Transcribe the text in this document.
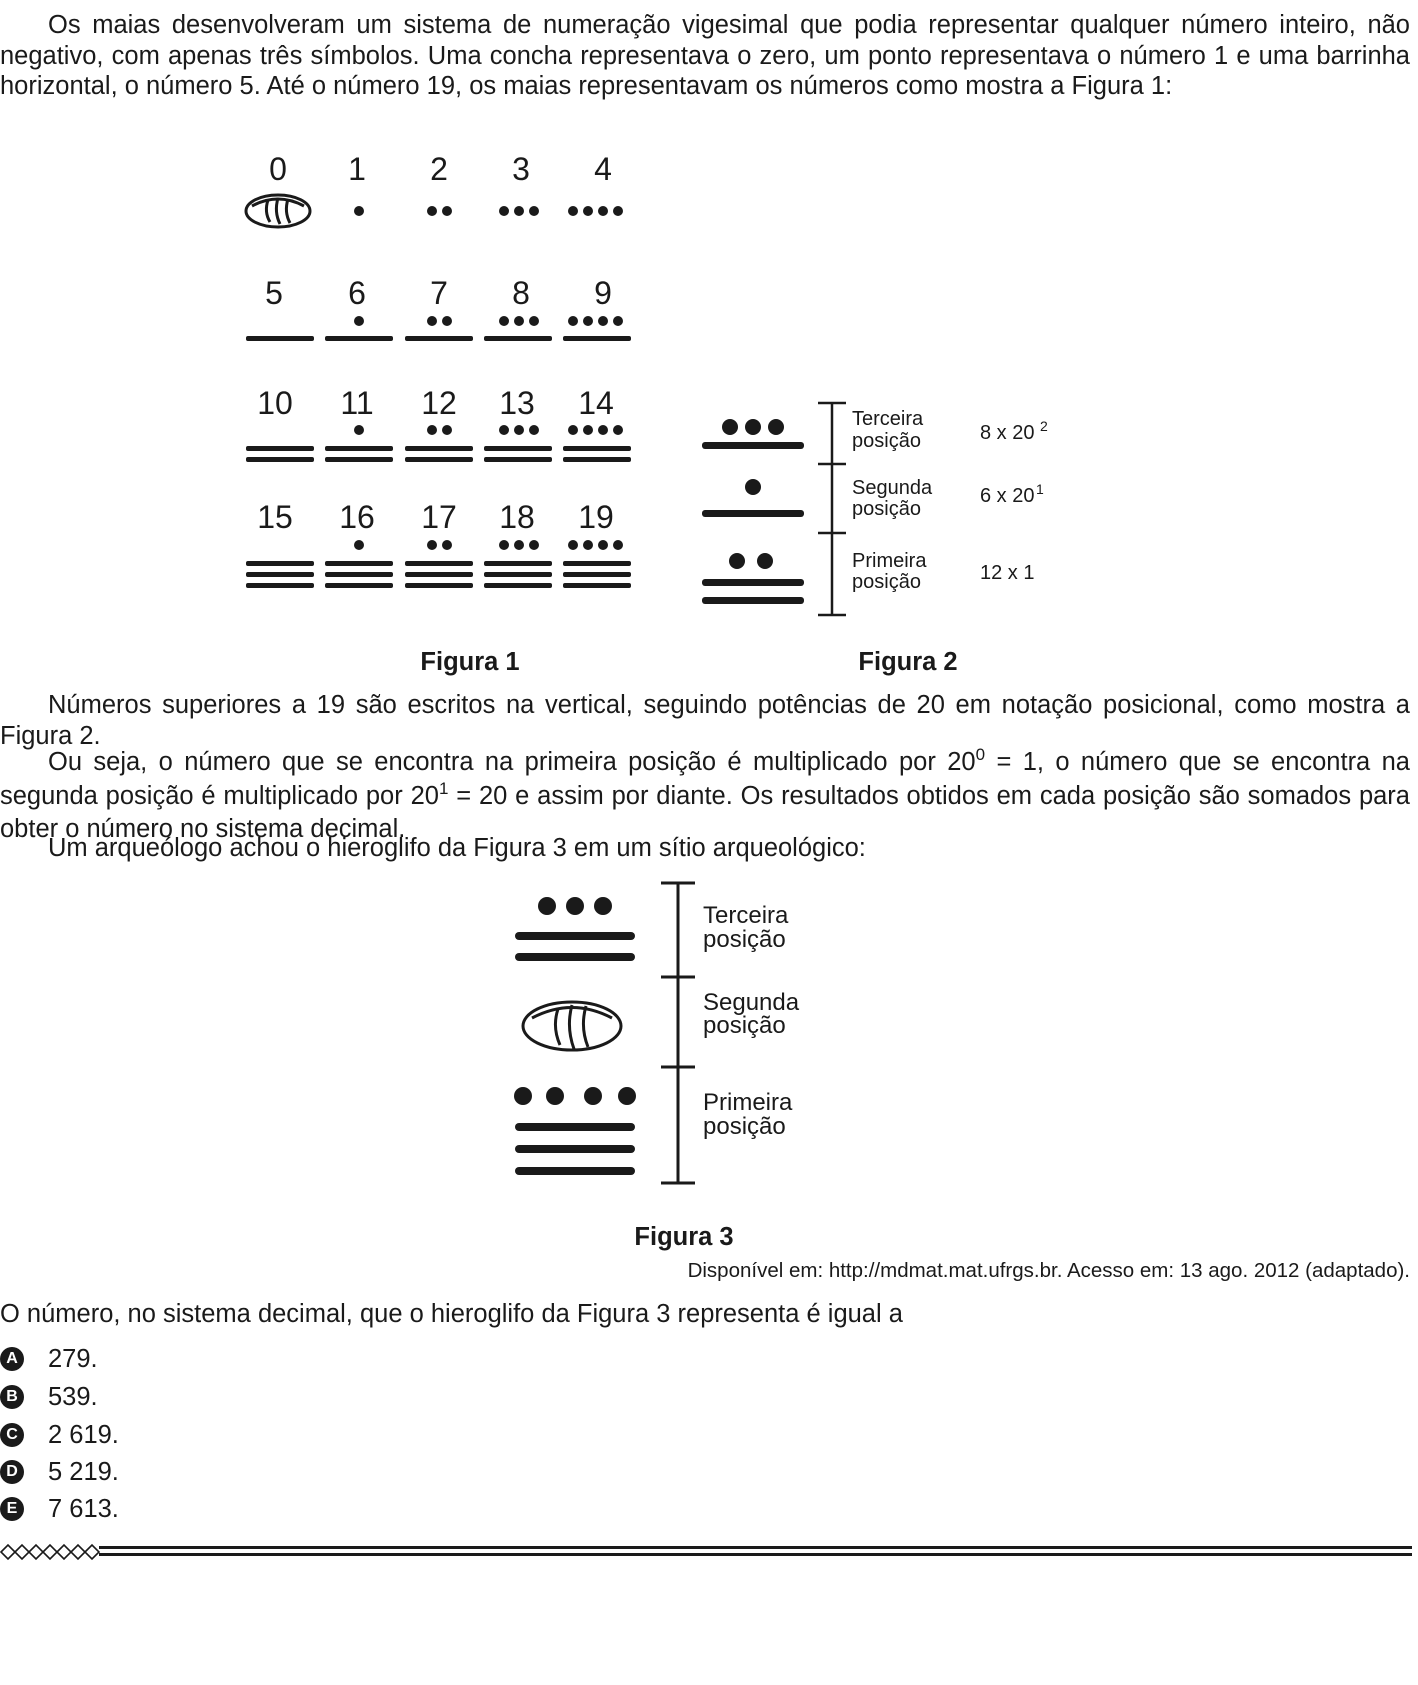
Os maias desenvolveram um sistema de numeração vigesimal que podia representar qualquer número inteiro, não negativo, com apenas três símbolos. Uma concha representava o zero, um ponto representava o número 1 e uma barrinha horizontal, o número 5. Até o número 19, os maias representavam os números como mostra a Figura 1:

0 1 2 3 4
5 6 7 8 9
10 11 12 13 14
15 16 17 18 19
Terceira
posição
Segunda
posição
Primeira
posição
8 x 20 2
6 x 20 1
12 x 1
Figura 1	Figura 2

Números superiores a 19 são escritos na vertical, seguindo potências de 20 em notação posicional, como mostra a Figura 2.

Ou seja, o número que se encontra na primeira posição é multiplicado por $20^0 = 1$, o número que se encontra na segunda posição é multiplicado por $20^1 = 20$ e assim por diante. Os resultados obtidos em cada posição são somados para obter o número no sistema decimal.

Um arqueólogo achou o hieroglifo da Figura 3 em um sítio arqueológico:

Terceira
posição
Segunda
posição
Primeira
posição
Figura 3
Disponível em: http://mdmat.mat.ufrgs.br. Acesso em: 13 ago. 2012 (adaptado).
O número, no sistema decimal, que o hieroglifo da Figura 3 representa é igual a
A 279.
B 539.
C 2 619.
D 5 219.
E 7 613.
